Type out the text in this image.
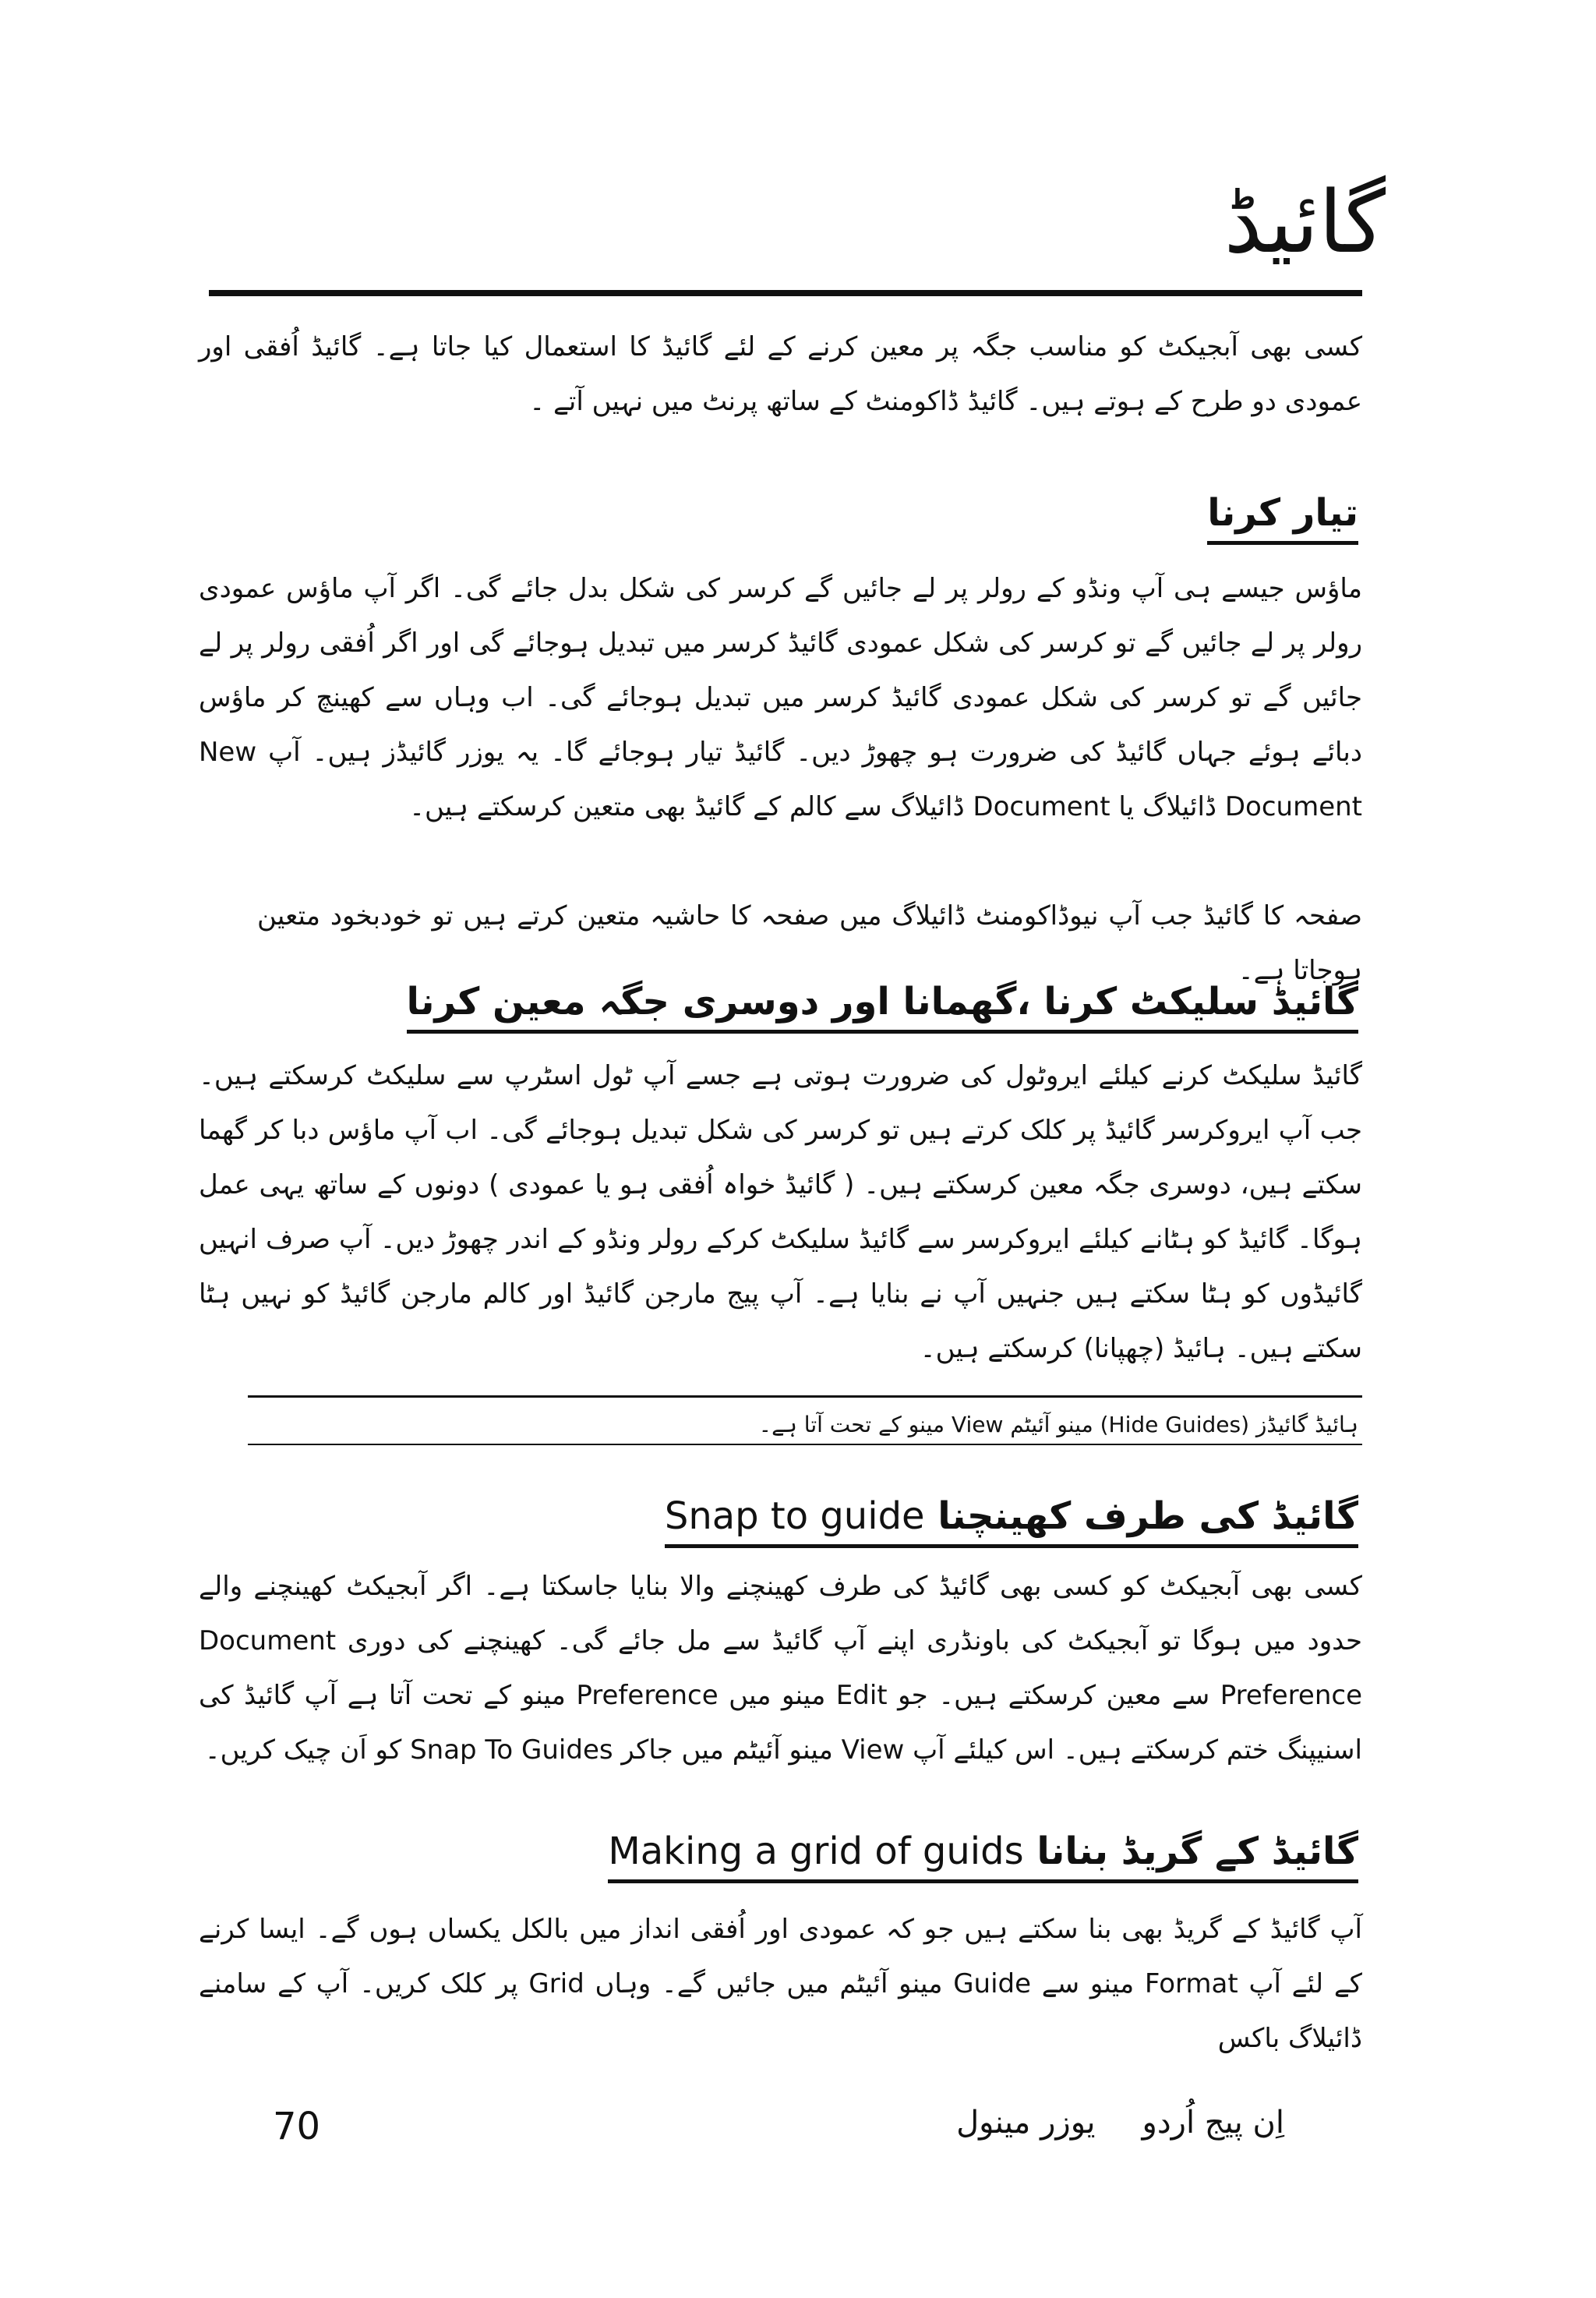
گائیڈ
کسی بھی آبجیکٹ کو مناسب جگہ پر معین کرنے کے لئے گائیڈ کا استعمال کیا جاتا ہے۔ گائیڈ اُفقی اور عمودی دو طرح کے ہوتے ہیں۔ گائیڈ ڈاکومنٹ کے ساتھ پرنٹ میں نہیں آتے ۔
تیار کرنا
ماؤس جیسے ہی آپ ونڈو کے رولر پر لے جائیں گے کرسر کی شکل بدل جائے گی۔ اگر آپ ماؤس عمودی رولر پر لے جائیں گے تو کرسر کی شکل عمودی گائیڈ کرسر میں تبدیل ہوجائے گی اور اگر اُفقی رولر پر لے جائیں گے تو کرسر کی شکل عمودی گائیڈ کرسر میں تبدیل ہوجائے گی۔ اب وہاں سے کھینچ کر ماؤس دبائے ہوئے جہاں گائیڈ کی ضرورت ہو چھوڑ دیں۔ گائیڈ تیار ہوجائے گا۔ یہ یوزر گائیڈز ہیں۔ آپ New Document ڈائیلاگ یا Document ڈائیلاگ سے کالم کے گائیڈ بھی متعین کرسکتے ہیں۔
صفحہ کا گائیڈ جب آپ نیوڈاکومنٹ ڈائیلاگ میں صفحہ کا حاشیہ متعین کرتے ہیں تو خودبخود متعین ہوجاتا ہے۔
گائیڈ سلیکٹ کرنا ،گھمانا اور دوسری جگہ معین کرنا
گائیڈ سلیکٹ کرنے کیلئے ایروٹول کی ضرورت ہوتی ہے جسے آپ ٹول اسٹرپ سے سلیکٹ کرسکتے ہیں۔ جب آپ ایروکرسر گائیڈ پر کلک کرتے ہیں تو کرسر کی شکل تبدیل ہوجائے گی۔ اب آپ ماؤس دبا کر گھما سکتے ہیں، دوسری جگہ معین کرسکتے ہیں۔ ( گائیڈ خواہ اُفقی ہو یا عمودی ) دونوں کے ساتھ یہی عمل ہوگا۔ گائیڈ کو ہٹانے کیلئے ایروکرسر سے گائیڈ سلیکٹ کرکے رولر ونڈو کے اندر چھوڑ دیں۔ آپ صرف انہیں گائیڈوں کو ہٹا سکتے ہیں جنہیں آپ نے بنایا ہے۔ آپ پیج مارجن گائیڈ اور کالم مارجن گائیڈ کو نہیں ہٹا سکتے ہیں۔ ہائیڈ (چھپانا) کرسکتے ہیں۔
ہائیڈ گائیڈز (Hide Guides) مینو آئیٹم View مینو کے تحت آتا ہے۔
گائیڈ کی طرف کھینچنا Snap to guide
کسی بھی آبجیکٹ کو کسی بھی گائیڈ کی طرف کھینچنے والا بنایا جاسکتا ہے۔ اگر آبجیکٹ کھینچنے والے حدود میں ہوگا تو آبجیکٹ کی باونڈری اپنے آپ گائیڈ سے مل جائے گی۔ کھینچنے کی دوری Document Preference سے معین کرسکتے ہیں۔ جو Edit مینو میں Preference مینو کے تحت آتا ہے آپ گائیڈ کی اسنیپنگ ختم کرسکتے ہیں۔ اس کیلئے آپ View مینو آئیٹم میں جاکر Snap To Guides کو اَن چیک کریں۔
گائیڈ کے گریڈ بنانا Making a grid of guids
آپ گائیڈ کے گریڈ بھی بنا سکتے ہیں جو کہ عمودی اور اُفقی انداز میں بالکل یکساں ہوں گے۔ ایسا کرنے کے لئے آپ Format مینو سے Guide مینو آئیٹم میں جائیں گے۔ وہاں Grid پر کلک کریں۔ آپ کے سامنے ڈائیلاگ باکس
70	اِن پیج اُردویوزر مینول
